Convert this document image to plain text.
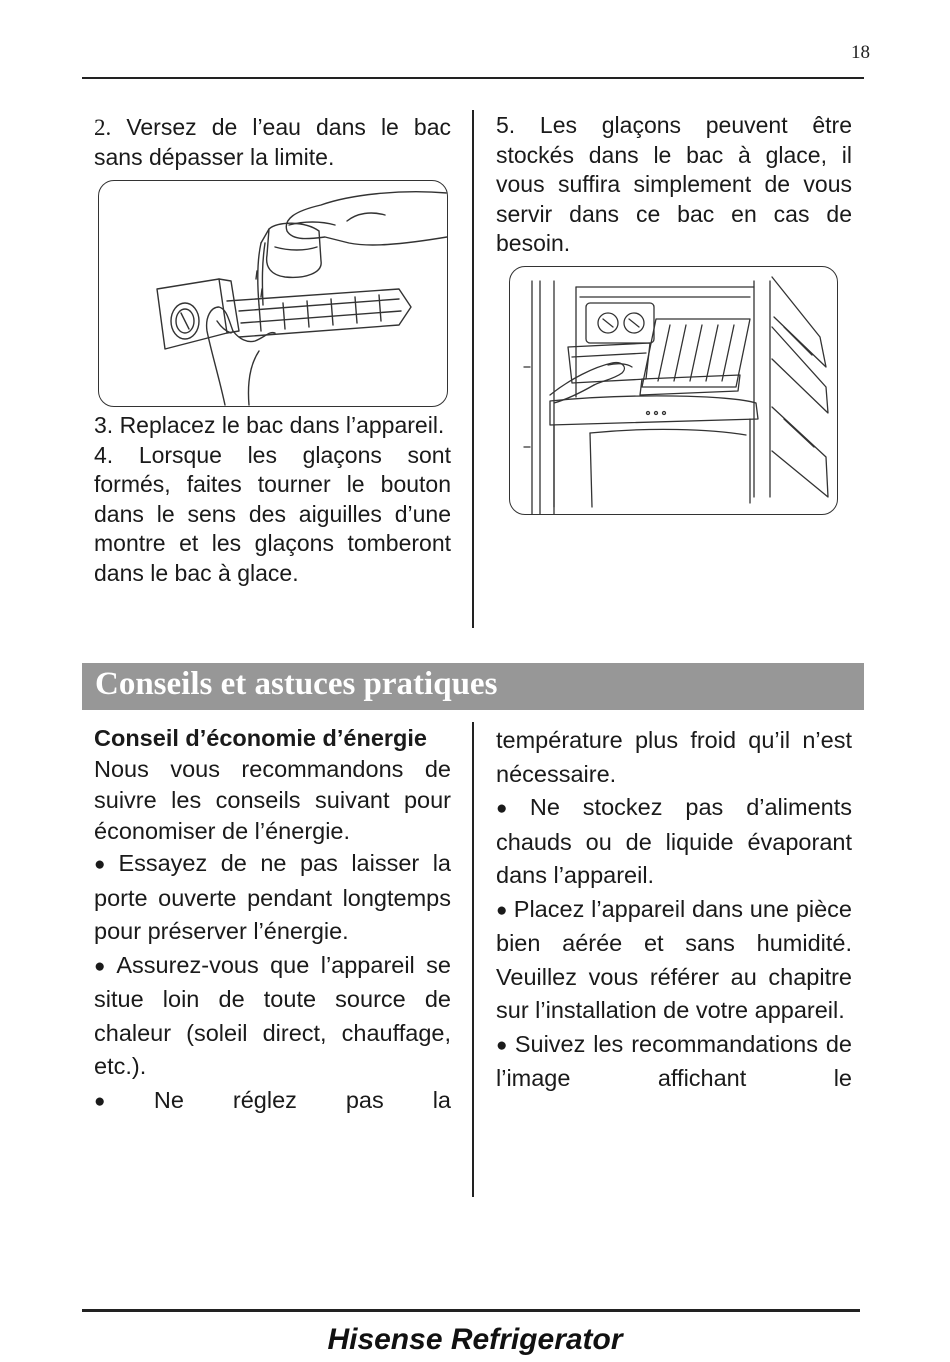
18

2. Versez de l’eau dans le bac sans dépasser la limite.

3. Replacez le bac dans l’appareil.

4. Lorsque les glaçons sont formés, faites tourner le bouton dans le sens des aiguilles d’une montre et les glaçons tomberont dans le bac à glace.

5. Les glaçons peuvent être stockés dans le bac à glace, il vous suffira simplement de vous servir dans ce bac en cas de besoin.

Conseils et astuces pratiques

Conseil d’économie d’énergie

Nous vous recommandons de suivre les conseils suivant pour économiser de l’énergie.

● Essayez de ne pas laisser la porte ouverte pendant longtemps pour préserver l’énergie.

● Assurez-vous que l’appareil se situe loin de toute source de chaleur (soleil direct, chauffage, etc.).

● Ne réglez pas la

température plus froid qu’il n’est nécessaire.

● Ne stockez pas d’aliments chauds ou de liquide évaporant dans l’appareil.

● Placez l’appareil dans une pièce bien aérée et sans humidité. Veuillez vous référer au chapitre sur l’installation de votre appareil.

● Suivez les recommandations de l’image affichant le

Hisense Refrigerator
